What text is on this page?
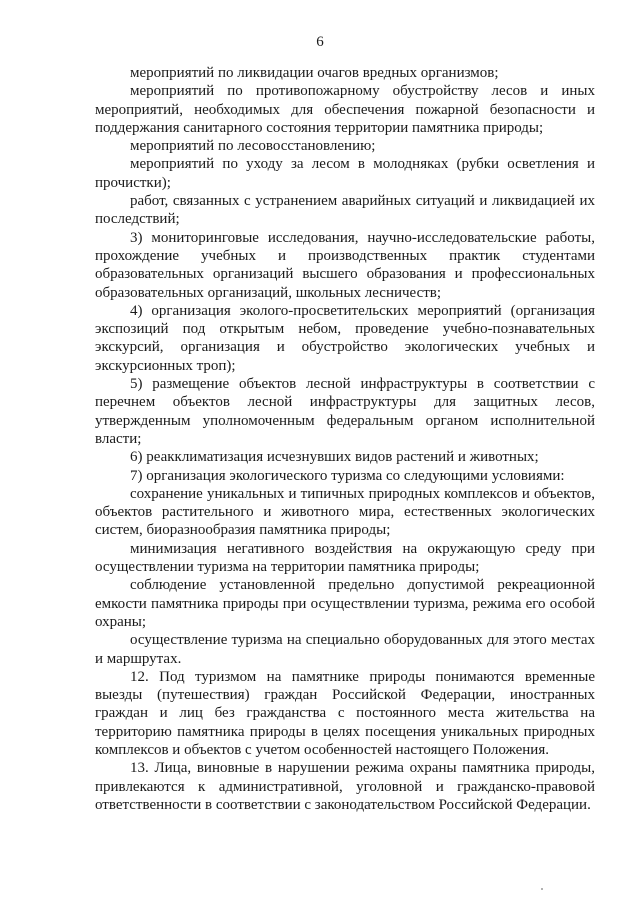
6

мероприятий по ликвидации очагов вредных организмов;

мероприятий по противопожарному обустройству лесов и иных мероприятий, необходимых для обеспечения пожарной безопасности и поддержания санитарного состояния территории памятника природы;

мероприятий по лесовосстановлению;

мероприятий по уходу за лесом в молодняках (рубки осветления и прочистки);

работ, связанных с устранением аварийных ситуаций и ликвидацией их последствий;

3) мониторинговые исследования, научно-исследовательские работы, прохождение учебных и производственных практик студентами образовательных организаций высшего образования и профессиональных образовательных организаций, школьных лесничеств;

4) организация эколого-просветительских мероприятий (организация экспозиций под открытым небом, проведение учебно-познавательных экскурсий, организация и обустройство экологических учебных и экскурсионных троп);

5) размещение объектов лесной инфраструктуры в соответствии с перечнем объектов лесной инфраструктуры для защитных лесов, утвержденным уполномоченным федеральным органом исполнительной власти;

6) реакклиматизация исчезнувших видов растений и животных;

7) организация экологического туризма со следующими условиями:

сохранение уникальных и типичных природных комплексов и объектов, объектов растительного и животного мира, естественных экологических систем, биоразнообразия памятника природы;

минимизация негативного воздействия на окружающую среду при осуществлении туризма на территории памятника природы;

соблюдение установленной предельно допустимой рекреационной емкости памятника природы при осуществлении туризма, режима его особой охраны;

осуществление туризма на специально оборудованных для этого местах и маршрутах.

12. Под туризмом на памятнике природы понимаются временные выезды (путешествия) граждан Российской Федерации, иностранных граждан и лиц без гражданства с постоянного места жительства на территорию памятника природы в целях посещения уникальных природных комплексов и объектов с учетом особенностей настоящего Положения.

13. Лица, виновные в нарушении режима охраны памятника природы, привлекаются к административной, уголовной и гражданско-правовой ответственности в соответствии с законодательством Российской Федерации.
